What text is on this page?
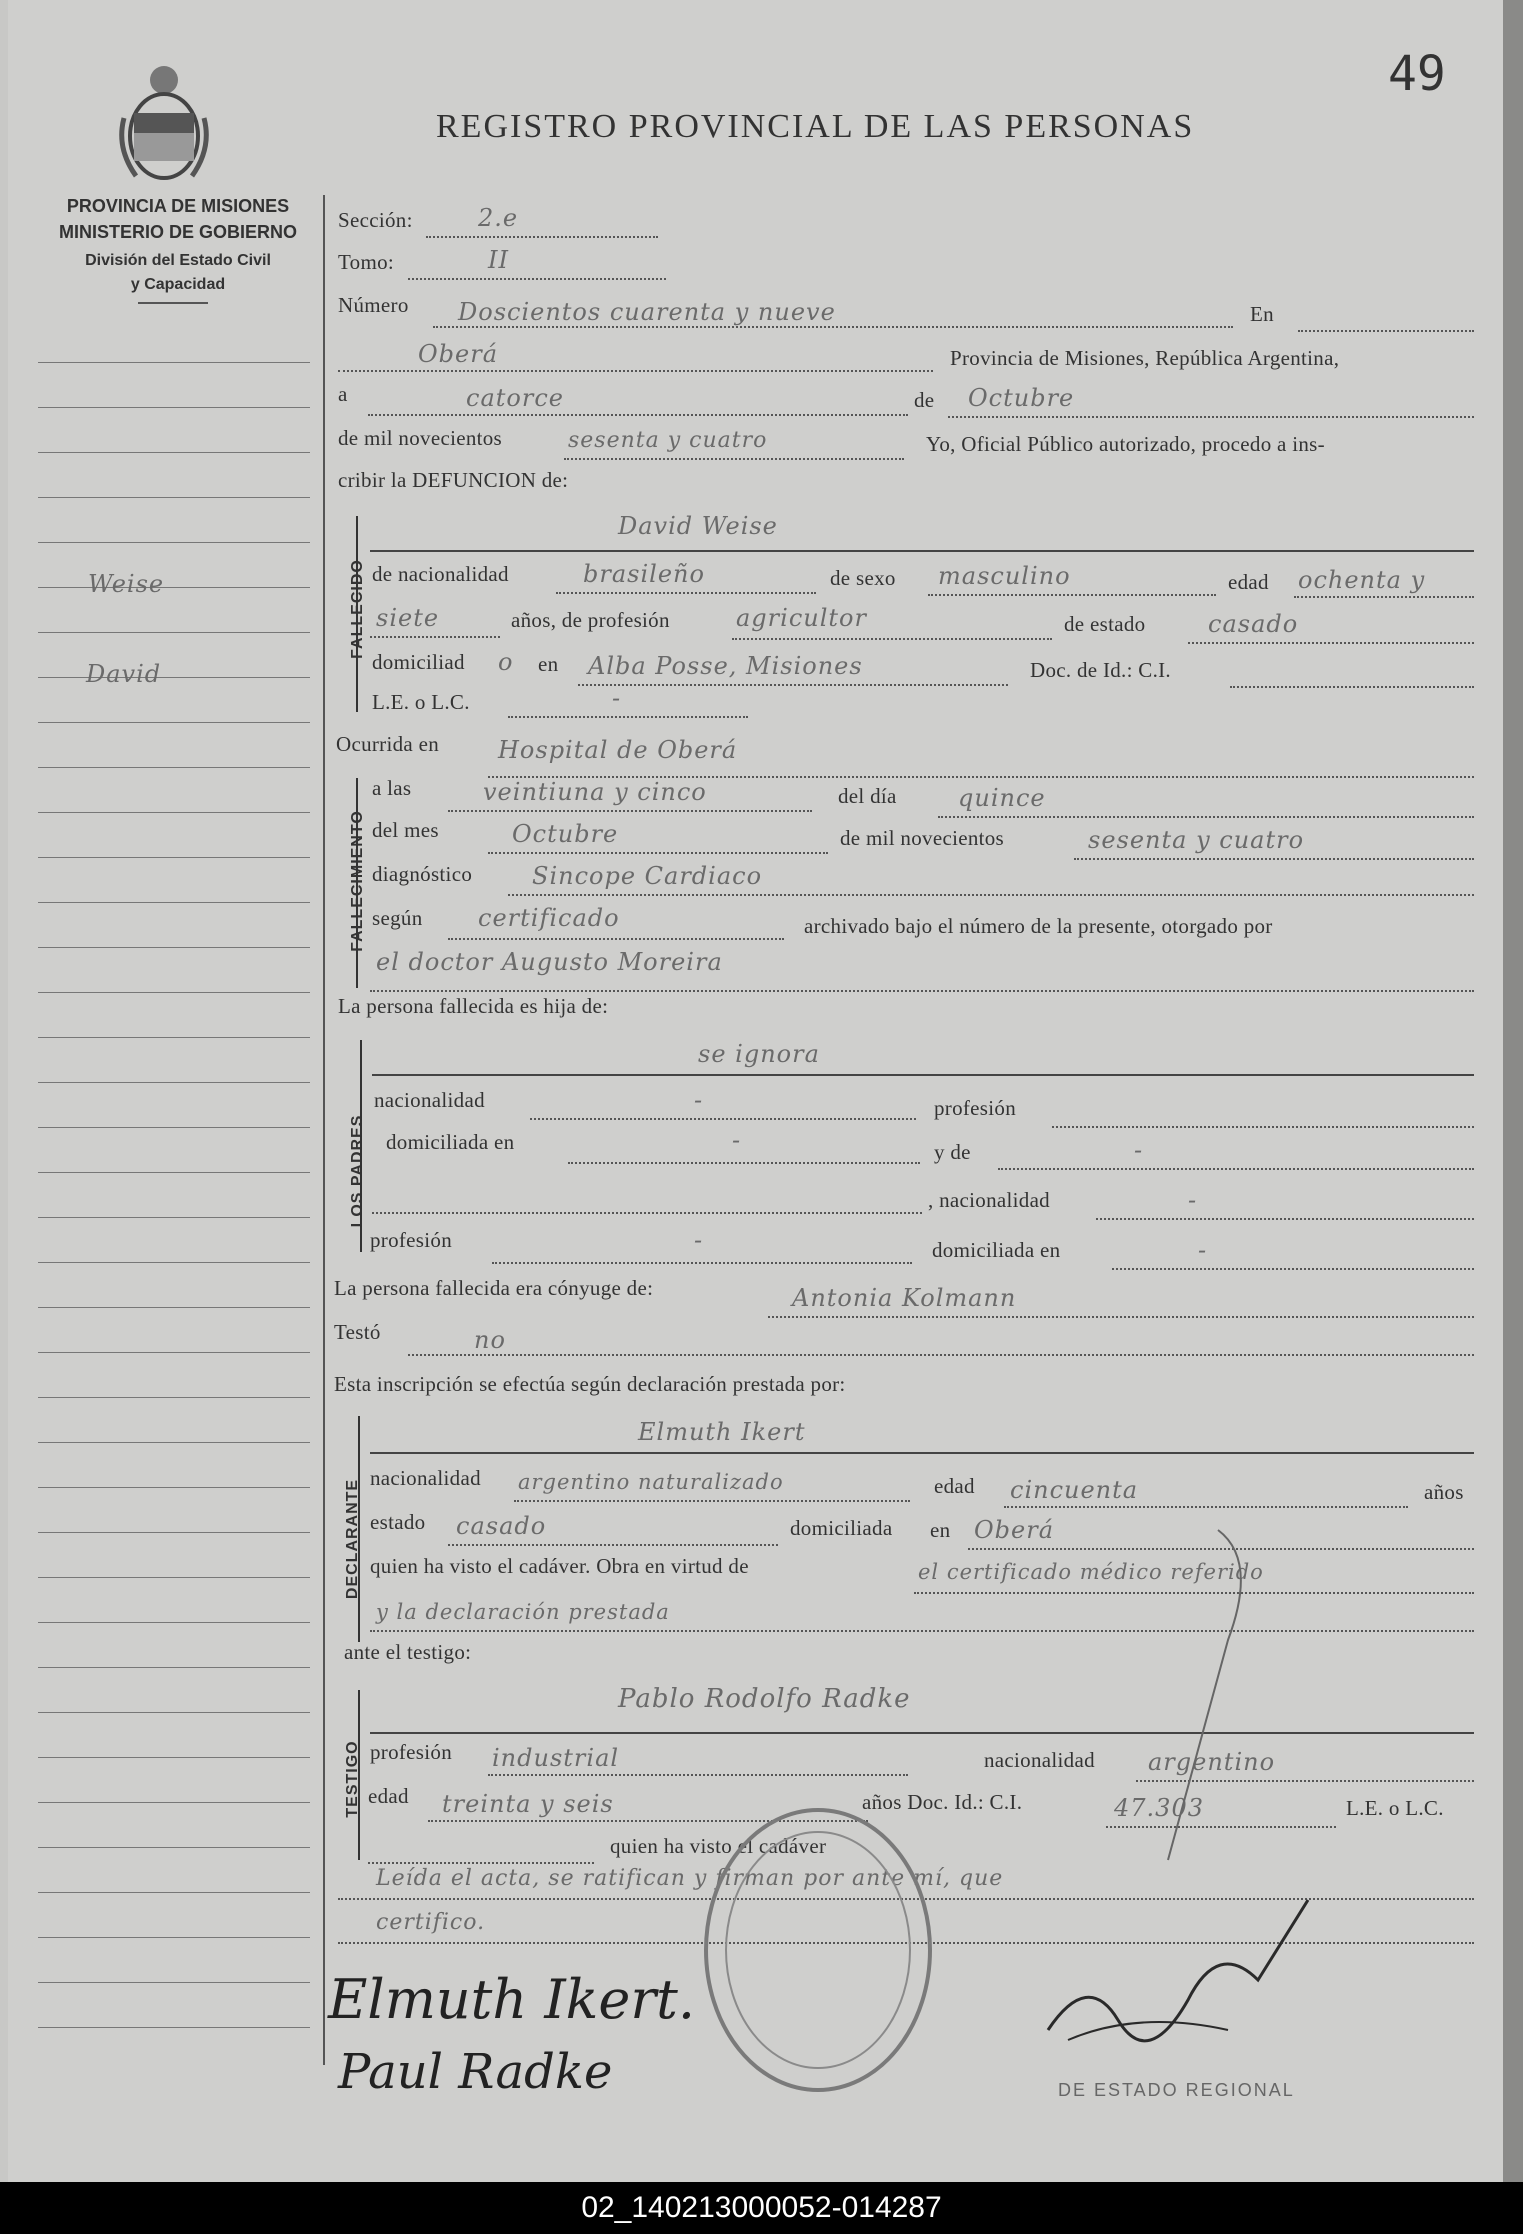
PROVINCIA DE MISIONES
MINISTERIO DE GOBIERNO
División del Estado Civil
y Capacidad
49
REGISTRO PROVINCIAL DE LAS PERSONAS
Weise
David
Sección:	2.e
Tomo:	II
Número Doscientos cuarenta y nueve	En
Oberá	Provincia de Misiones, República Argentina,
a	catorce	de Octubre
de mil novecientos	sesenta y cuatro	Yo, Oficial Público autorizado, procedo a ins-
cribir la DEFUNCION de:
FALLECIDO
David Weise
de nacionalidad	brasileño	de sexo masculino	edad ochenta y
siete	años, de profesión	agricultor	de estado	casado
domiciliad o en Alba Posse, Misiones	Doc. de Id.: C.I.
L.E. o L.C.	-
Ocurrida en Hospital de Oberá
FALLECIMIENTO
a las	veintiuna y cinco	del día	quince
del mes	Octubre	de mil novecientos	sesenta y cuatro
diagnóstico Sincope Cardiaco
según certificado	archivado bajo el número de la presente, otorgado por
el doctor Augusto Moreira
La persona fallecida es hija de:
LOS PADRES
se ignora
nacionalidad	-	profesión
domiciliada en	-	y de	-
, nacionalidad	-
profesión	-	domiciliada en	-
La persona fallecida era cónyuge de:	Antonia Kolmann
Testó	no
Esta inscripción se efectúa según declaración prestada por:
DECLARANTE
Elmuth Ikert
nacionalidad argentino naturalizado	edad cincuenta	años
estado casado	domiciliada en Oberá
quien ha visto el cadáver. Obra en virtud de	el certificado médico referido
y la declaración prestada
ante el testigo:
TESTIGO
Pablo Rodolfo Radke
profesión industrial	nacionalidad argentino
edad treinta y seis	años Doc. Id.: C.I.	47.303	L.E. o L.C.
quien ha visto el cadáver
Leída el acta, se ratifican y firman por ante mí, que
certifico.
DE ESTADO REGIONAL
Elmuth Ikert.
Paul Radke
02_140213000052-014287
